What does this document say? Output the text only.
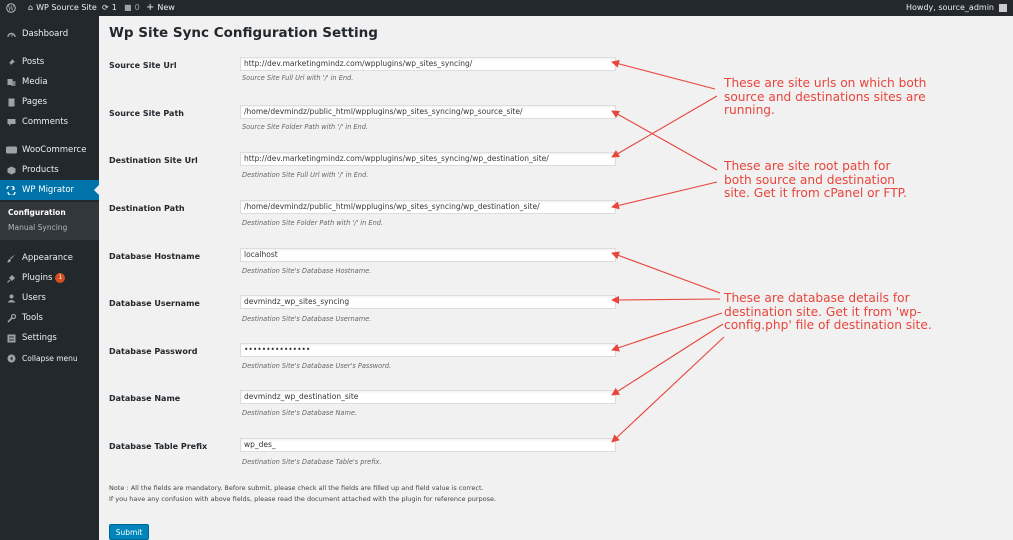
W ⌂ WP Source Site ⟳ 1 ■ 0 + New	Howdy, source_admin
Dashboard
Posts
Media
Pages
Comments
WooCommerce
Products
WP Migrator
Configuration
Manual Syncing
Appearance
Plugins	1
Users
Tools
Settings
Collapse menu
Wp Site Sync Configuration Setting
Source Site Url	http://dev.marketingmindz.com/wpplugins/wp_sites_syncing/
Source Site Full Url with '/' in End.
Source Site Path	/home/devmindz/public_html/wpplugins/wp_sites_syncing/wp_source_site/
Source Site Folder Path with '/' in End.
Destination Site Url	http://dev.marketingmindz.com/wpplugins/wp_sites_syncing/wp_destination_site/
Destination Site Full Url with '/' in End.
Destination Path	/home/devmindz/public_html/wpplugins/wp_sites_syncing/wp_destination_site/
Destination Site Folder Path with '/' in End.
Database Hostname	localhost
Destination Site's Database Hostname.
Database Username	devmindz_wp_sites_syncing
Destination Site's Database Username.
Database Password	•••••••••••••••
Destination Site's Database User's Password.
Database Name	devmindz_wp_destination_site
Destination Site's Database Name.
Database Table Prefix	wp_des_
Destination Site's Database Table's prefix.
Note : All the fields are mandatory. Before submit, please check all the fields are filled up and field value is correct.
If you have any confusion with above fields, please read the document attached with the plugin for reference purpose.
Submit
These are site urls on which both
source and destinations sites are
running.
These are site root path for
both source and destination
site. Get it from cPanel or FTP.
These are database details for
destination site. Get it from 'wp-
config.php' file of destination site.
